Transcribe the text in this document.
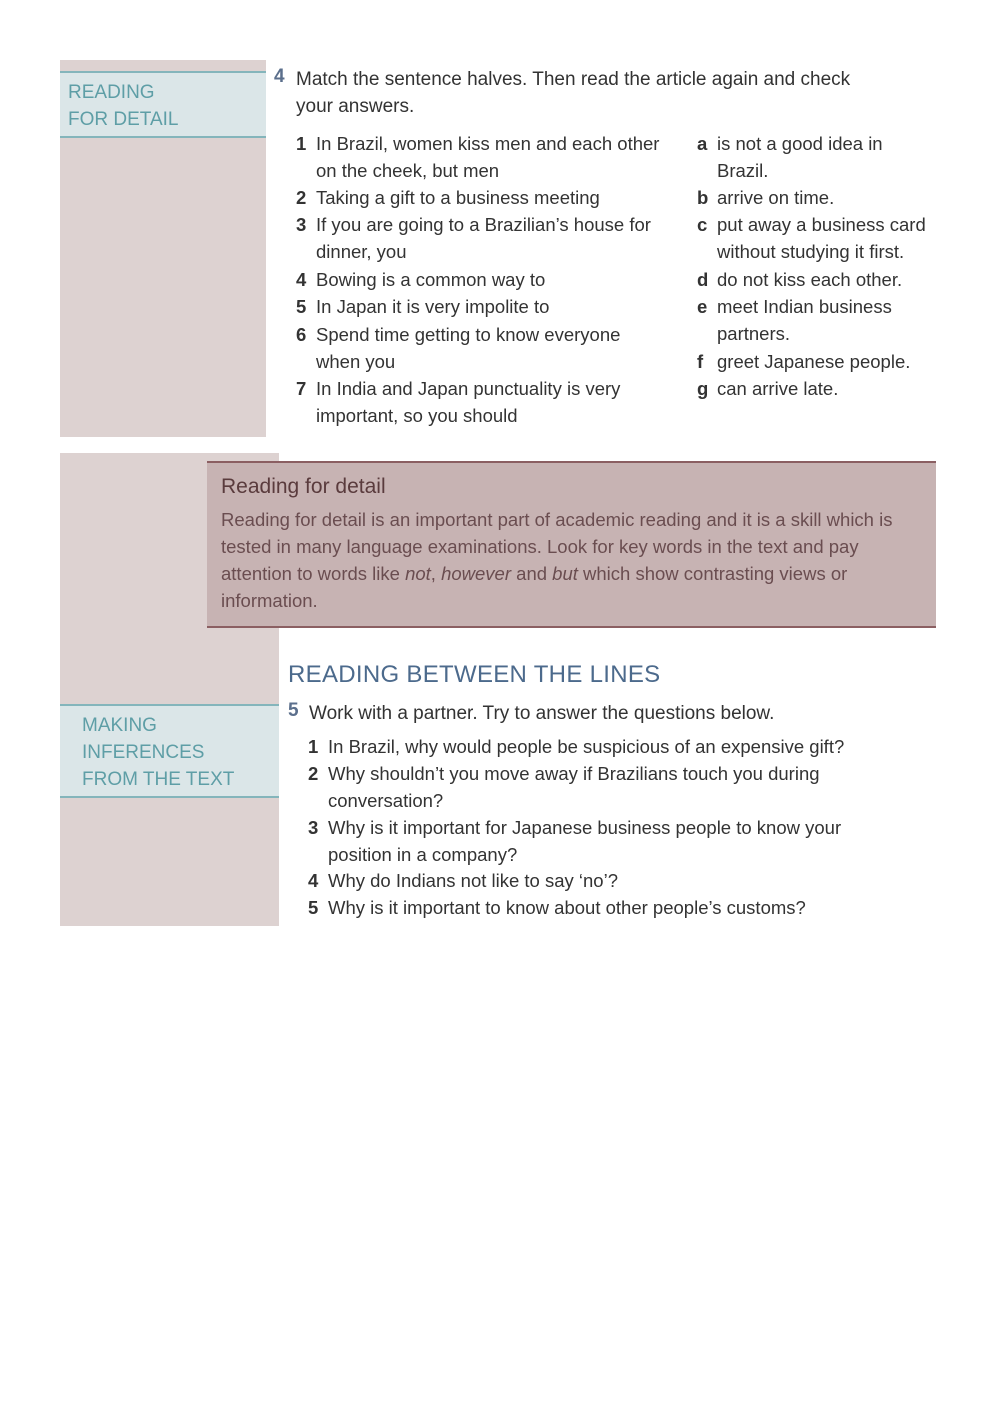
READING
FOR DETAIL
MAKING
INFERENCES
FROM THE TEXT
4 Match the sentence halves. Then read the article again and check
your answers.
1 In Brazil, women kiss men and each other
on the cheek, but men
2 Taking a gift to a business meeting
3 If you are going to a Brazilian’s house for
dinner, you
4 Bowing is a common way to
5 In Japan it is very impolite to
6 Spend time getting to know everyone
when you
7 In India and Japan punctuality is very
important, so you should
a is not a good idea in
Brazil.
b arrive on time.
c put away a business card
without studying it first.
d do not kiss each other.
e meet Indian business
partners.
f greet Japanese people.
g can arrive late.

Reading for detail

Reading for detail is an important part of academic reading and it is a skill which is tested in many language examinations. Look for key words in the text and pay attention to words like not, however and but which show contrasting views or information.

READING BETWEEN THE LINES
5 Work with a partner. Try to answer the questions below.
1 In Brazil, why would people be suspicious of an expensive gift?
2 Why shouldn’t you move away if Brazilians touch you during
conversation?
3 Why is it important for Japanese business people to know your
position in a company?
4 Why do Indians not like to say ‘no’?
5 Why is it important to know about other people’s customs?
